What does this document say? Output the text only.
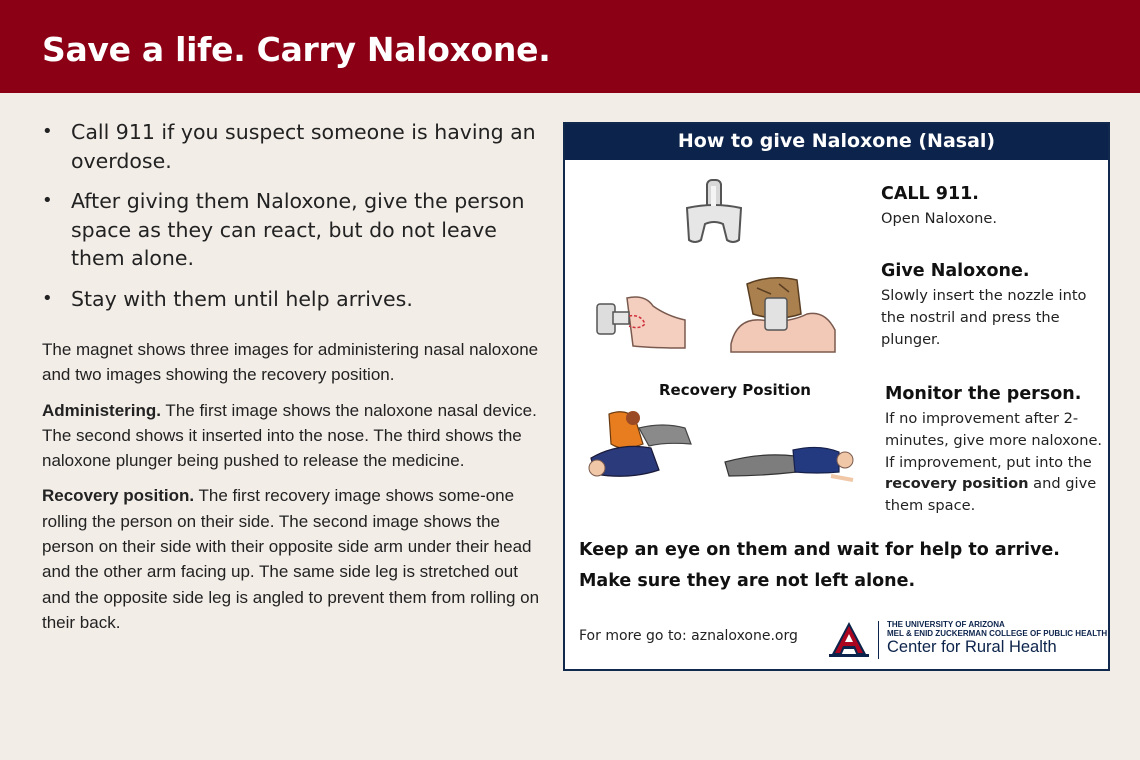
Save a life. Carry Naloxone.
• Call 911 if you suspect someone is having an overdose.
• After giving them Naloxone, give the person space as they can react, but do not leave them alone.
• Stay with them until help arrives.

The magnet shows three images for administering nasal naloxone and two images showing the recovery position.

Administering. The first image shows the naloxone nasal device. The second shows it inserted into the nose. The third shows the naloxone plunger being pushed to release the medicine.

Recovery position. The first recovery image shows some-one rolling the person on their side. The second image shows the person on their side with their opposite side arm under their head and the other arm facing up. The same side leg is stretched out and the opposite side leg is angled to prevent them from rolling on their back.

How to give Naloxone (Nasal)
CALL 911.
Open Naloxone.
Give Naloxone.
Slowly insert the nozzle into the nostril and press the plunger.
Recovery Position	Monitor the person.
If no improvement after 2-minutes, give more naloxone. If improvement, put into the recovery position and give them space.
Keep an eye on them and wait for help to arrive.
Make sure they are not left alone.
For more go to: aznaloxone.org
THE UNIVERSITY OF ARIZONA
MEL & ENID ZUCKERMAN COLLEGE OF PUBLIC HEALTH
Center for Rural Health
